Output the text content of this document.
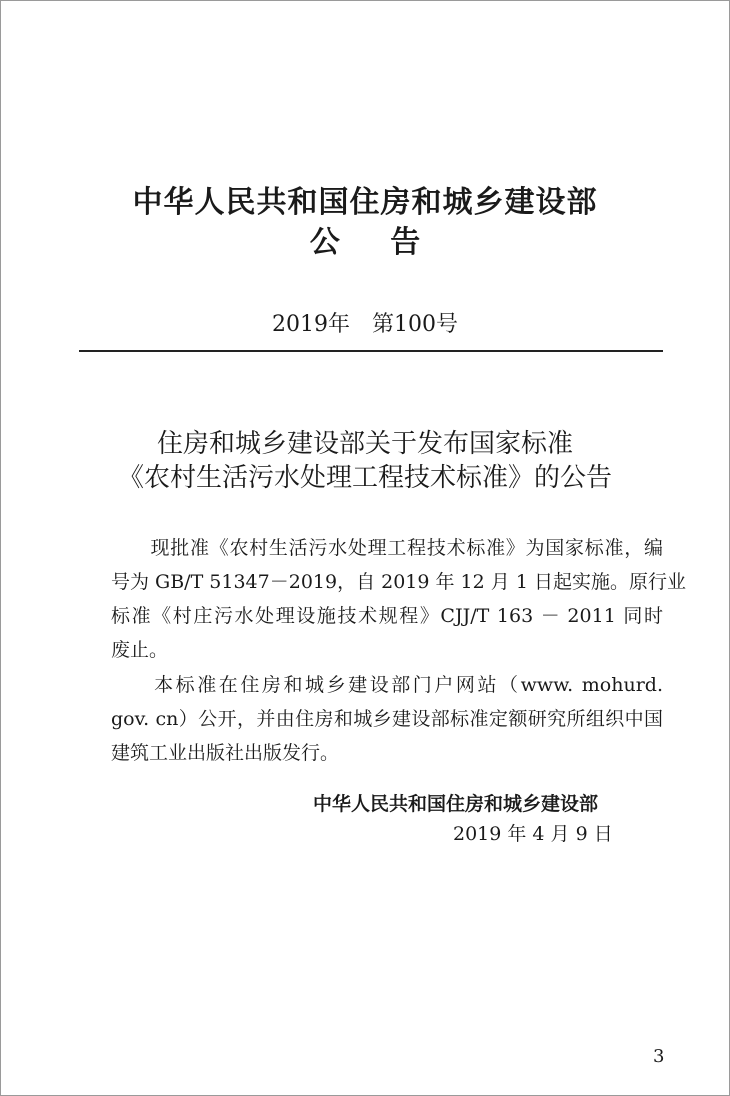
中华人民共和国住房和城乡建设部
公 告
2019年　第100号
住房和城乡建设部关于发布国家标准
《农村生活污水处理工程技术标准》的公告
　　现批准《农村生活污水处理工程技术标准》为国家标准，编
号为 GB/T 51347－2019，自 2019 年 12 月 1 日起实施。原行业
标准《村庄污水处理设施技术规程》CJJ/T 163 － 2011 同时
废止。
　　本标准在住房和城乡建设部门户网站（www. mohurd.
gov. cn）公开，并由住房和城乡建设部标准定额研究所组织中国
建筑工业出版社出版发行。
中华人民共和国住房和城乡建设部
2019 年 4 月 9 日
3
